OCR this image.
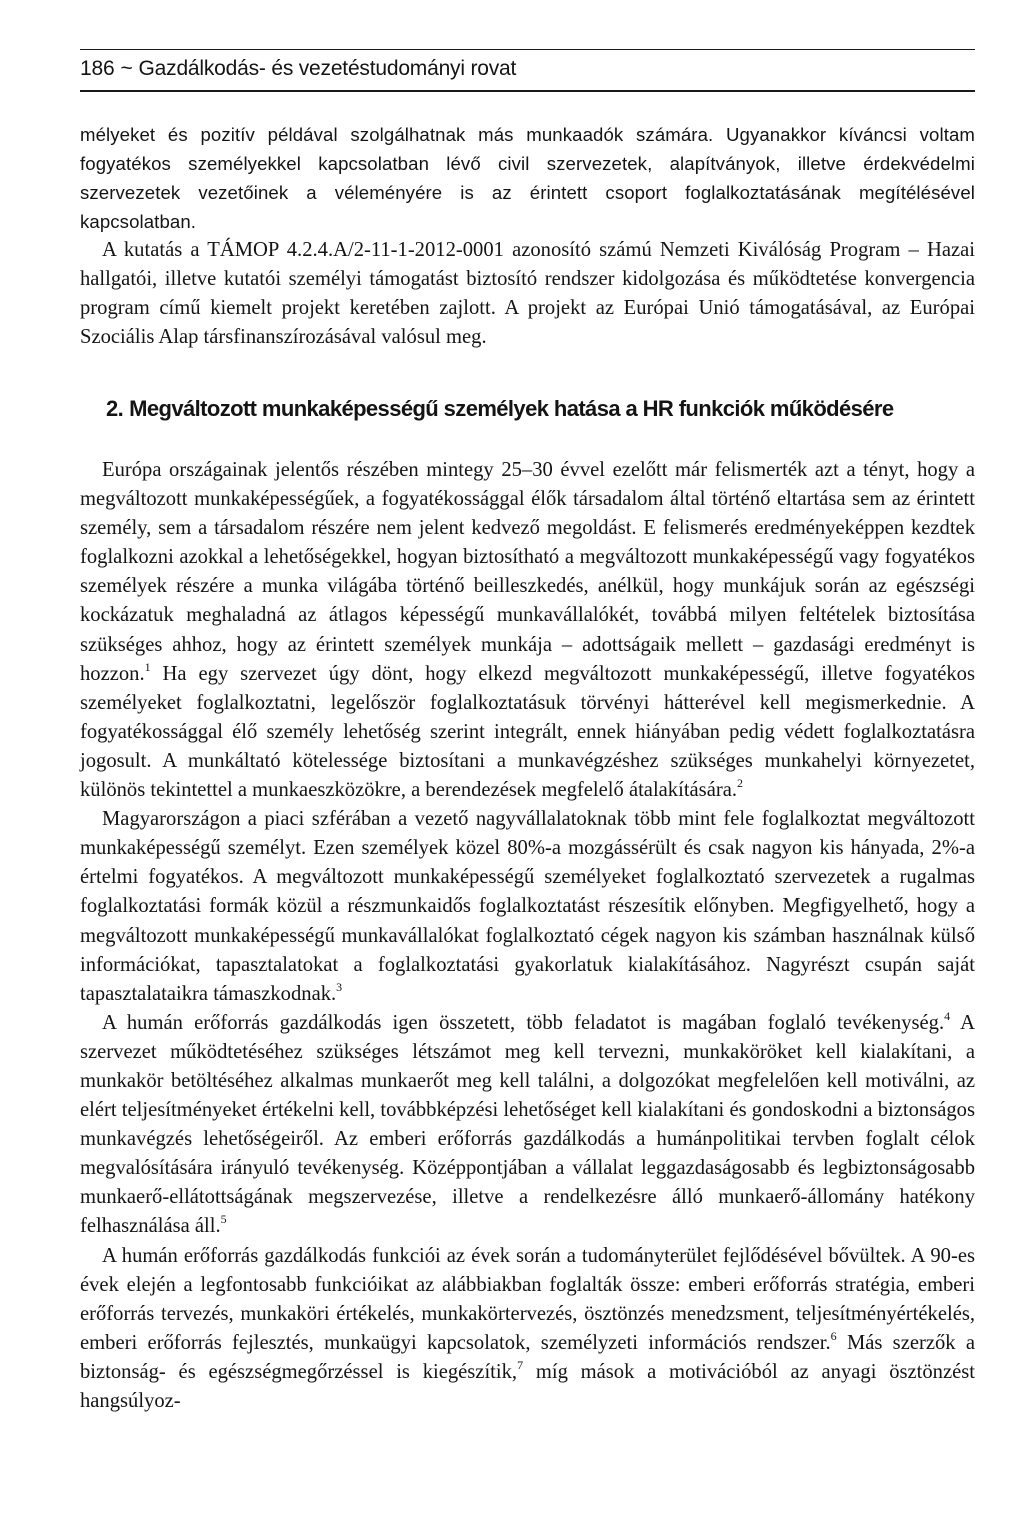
186 ~ Gazdálkodás- és vezetéstudományi rovat

mélyeket és pozitív példával szolgálhatnak más munkaadók számára. Ugyanakkor kíváncsi voltam fogyatékos személyekkel kapcsolatban lévő civil szervezetek, alapítványok, illetve érdekvédelmi szervezetek vezetőinek a véleményére is az érintett csoport foglalkoztatásának megítélésével kapcsolatban.

A kutatás a TÁMOP 4.2.4.A/2-11-1-2012-0001 azonosító számú Nemzeti Kiválóság Program – Hazai hallgatói, illetve kutatói személyi támogatást biztosító rendszer kidolgozása és működtetése konvergencia program című kiemelt projekt keretében zajlott. A projekt az Európai Unió támogatásával, az Európai Szociális Alap társfinanszírozásával valósul meg.

2. Megváltozott munkaképességű személyek hatása a HR funkciók működésére

Európa országainak jelentős részében mintegy 25–30 évvel ezelőtt már felismerték azt a tényt, hogy a megváltozott munkaképességűek, a fogyatékossággal élők társadalom által történő eltartása sem az érintett személy, sem a társadalom részére nem jelent kedvező megoldást. E felismerés eredményeképpen kezdtek foglalkozni azokkal a lehetőségekkel, hogyan biztosítható a megváltozott munkaképességű vagy fogyatékos személyek részére a munka világába történő beilleszkedés, anélkül, hogy munkájuk során az egészségi kockázatuk meghaladná az átlagos képességű munkavállalókét, továbbá milyen feltételek biztosítása szükséges ahhoz, hogy az érintett személyek munkája – adottságaik mellett – gazdasági eredményt is hozzon.$^1$ Ha egy szervezet úgy dönt, hogy elkezd megváltozott munkaképességű, illetve fogyatékos személyeket foglalkoztatni, legelőször foglalkoztatásuk törvényi hátterével kell megismerkednie. A fogyatékossággal élő személy lehetőség szerint integrált, ennek hiányában pedig védett foglalkoztatásra jogosult. A munkáltató kötelessége biztosítani a munkavégzéshez szükséges munkahelyi környezetet, különös tekintettel a munkaeszközökre, a berendezések megfelelő átalakítására.$^2$

Magyarországon a piaci szférában a vezető nagyvállalatoknak több mint fele foglalkoztat megváltozott munkaképességű személyt. Ezen személyek közel 80%-a mozgássérült és csak nagyon kis hányada, 2%-a értelmi fogyatékos. A megváltozott munkaképességű személyeket foglalkoztató szervezetek a rugalmas foglalkoztatási formák közül a részmunkaidős foglalkoztatást részesítik előnyben. Megfigyelhető, hogy a megváltozott munkaképességű munkavállalókat foglalkoztató cégek nagyon kis számban használnak külső információkat, tapasztalatokat a foglalkoztatási gyakorlatuk kialakításához. Nagyrészt csupán saját tapasztalataikra támaszkodnak.$^3$

A humán erőforrás gazdálkodás igen összetett, több feladatot is magában foglaló tevékenység.$^4$ A szervezet működtetéséhez szükséges létszámot meg kell tervezni, munkaköröket kell kialakítani, a munkakör betöltéséhez alkalmas munkaerőt meg kell találni, a dolgozókat megfelelően kell motiválni, az elért teljesítményeket értékelni kell, továbbképzési lehetőséget kell kialakítani és gondoskodni a biztonságos munkavégzés lehetőségeiről. Az emberi erőforrás gazdálkodás a humánpolitikai tervben foglalt célok megvalósítására irányuló tevékenység. Középpontjában a vállalat leggazdaságosabb és legbiztonságosabb munkaerő-ellátottságának megszervezése, illetve a rendelkezésre álló munkaerő-állomány hatékony felhasználása áll.$^5$

A humán erőforrás gazdálkodás funkciói az évek során a tudományterület fejlődésével bővültek. A 90-es évek elején a legfontosabb funkcióikat az alábbiakban foglalták össze: emberi erőforrás stratégia, emberi erőforrás tervezés, munkaköri értékelés, munkakörtervezés, ösztönzés menedzsment, teljesítményértékelés, emberi erőforrás fejlesztés, munkaügyi kapcsolatok, személyzeti információs rendszer.$^6$ Más szerzők a biztonság- és egészségmegőrzéssel is kiegészítik,$^7$ míg mások a motivációból az anyagi ösztönzést hangsúlyoz-
